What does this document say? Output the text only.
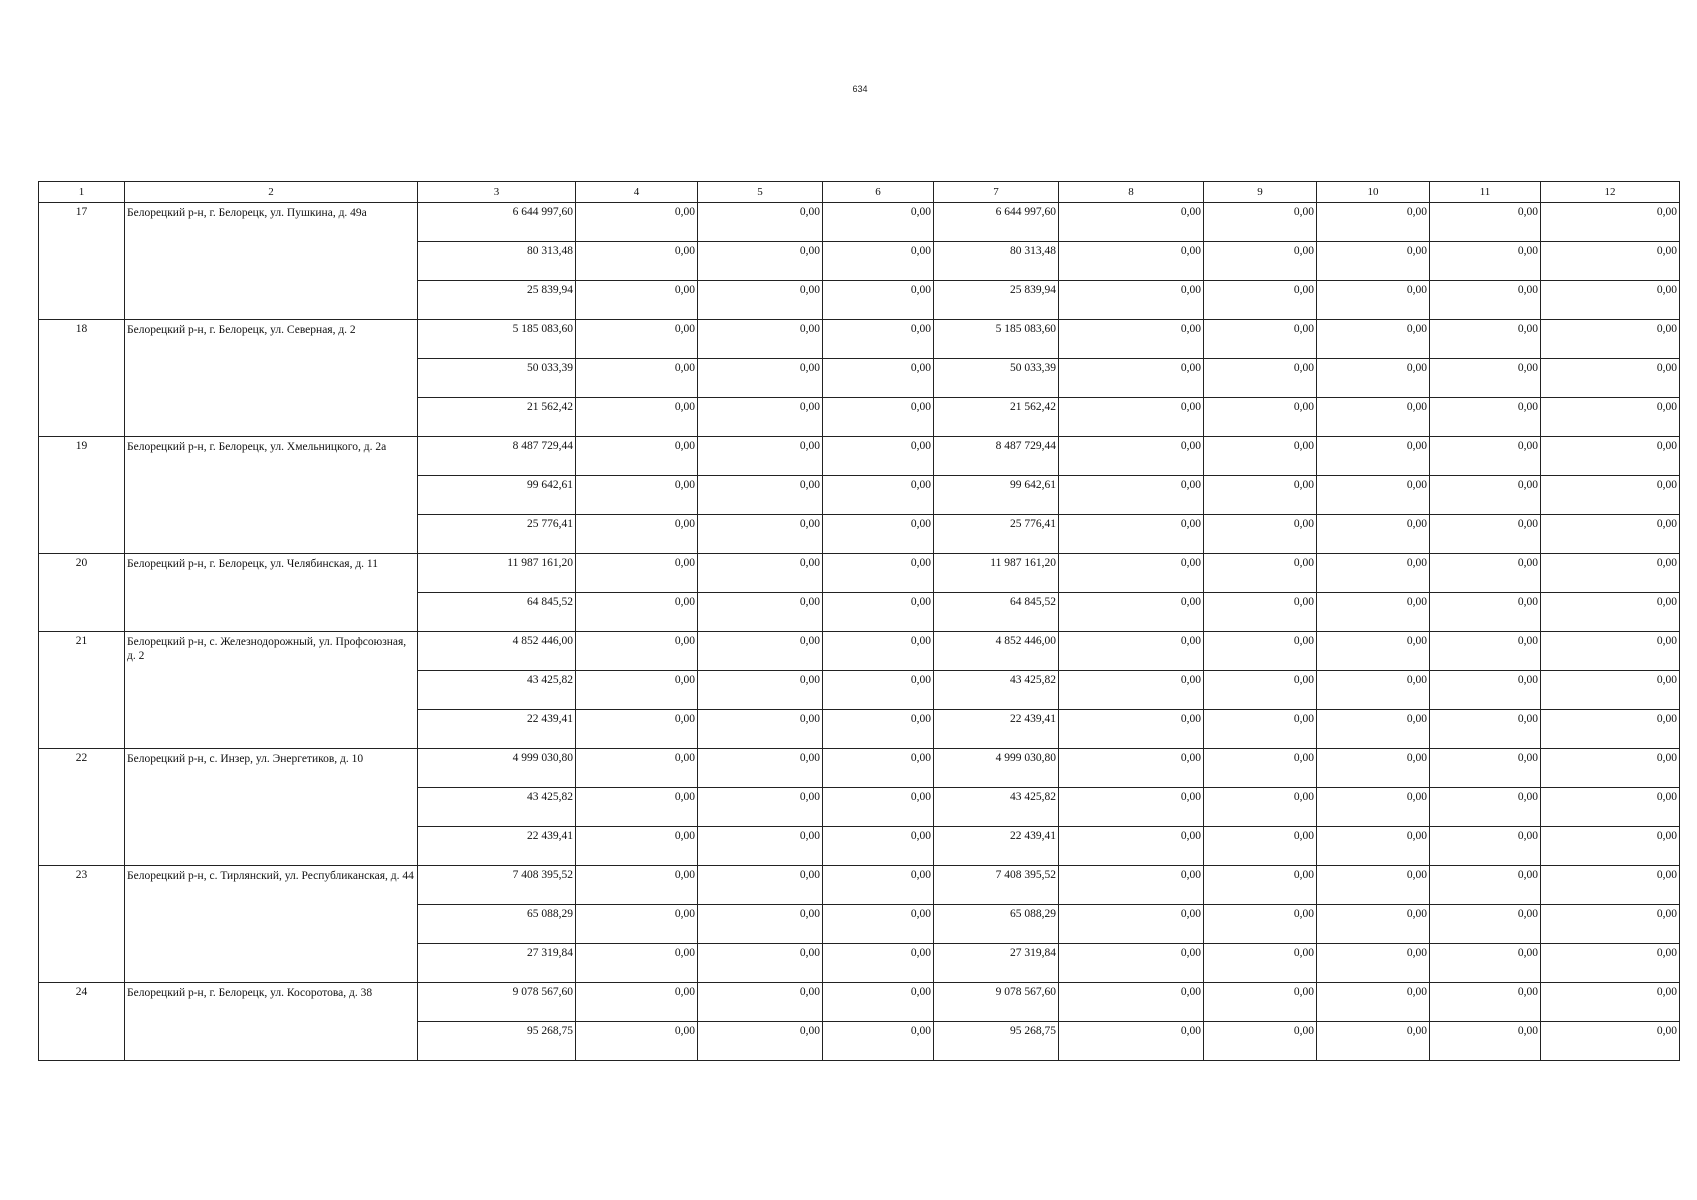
634
1	2	3	4	5	6	7	8	9	10	11	12
17	Белорецкий р-н, г. Белорецк, ул. Пушкина, д. 49а	6 644 997,60	0,00	0,00	0,00	6 644 997,60	0,00	0,00	0,00	0,00	0,00
		80 313,48	0,00	0,00	0,00	80 313,48	0,00	0,00	0,00	0,00	0,00
		25 839,94	0,00	0,00	0,00	25 839,94	0,00	0,00	0,00	0,00	0,00
18	Белорецкий р-н, г. Белорецк, ул. Северная, д. 2	5 185 083,60	0,00	0,00	0,00	5 185 083,60	0,00	0,00	0,00	0,00	0,00
		50 033,39	0,00	0,00	0,00	50 033,39	0,00	0,00	0,00	0,00	0,00
		21 562,42	0,00	0,00	0,00	21 562,42	0,00	0,00	0,00	0,00	0,00
19	Белорецкий р-н, г. Белорецк, ул. Хмельницкого, д. 2а	8 487 729,44	0,00	0,00	0,00	8 487 729,44	0,00	0,00	0,00	0,00	0,00
		99 642,61	0,00	0,00	0,00	99 642,61	0,00	0,00	0,00	0,00	0,00
		25 776,41	0,00	0,00	0,00	25 776,41	0,00	0,00	0,00	0,00	0,00
20	Белорецкий р-н, г. Белорецк, ул. Челябинская, д. 11	11 987 161,20	0,00	0,00	0,00	11 987 161,20	0,00	0,00	0,00	0,00	0,00
		64 845,52	0,00	0,00	0,00	64 845,52	0,00	0,00	0,00	0,00	0,00
21	Белорецкий р-н, с. Железнодорожный, ул. Профсоюзная, д. 2	4 852 446,00	0,00	0,00	0,00	4 852 446,00	0,00	0,00	0,00	0,00	0,00
		43 425,82	0,00	0,00	0,00	43 425,82	0,00	0,00	0,00	0,00	0,00
		22 439,41	0,00	0,00	0,00	22 439,41	0,00	0,00	0,00	0,00	0,00
22	Белорецкий р-н, с. Инзер, ул. Энергетиков, д. 10	4 999 030,80	0,00	0,00	0,00	4 999 030,80	0,00	0,00	0,00	0,00	0,00
		43 425,82	0,00	0,00	0,00	43 425,82	0,00	0,00	0,00	0,00	0,00
		22 439,41	0,00	0,00	0,00	22 439,41	0,00	0,00	0,00	0,00	0,00
23	Белорецкий р-н, с. Тирлянский, ул. Республиканская, д. 44	7 408 395,52	0,00	0,00	0,00	7 408 395,52	0,00	0,00	0,00	0,00	0,00
		65 088,29	0,00	0,00	0,00	65 088,29	0,00	0,00	0,00	0,00	0,00
		27 319,84	0,00	0,00	0,00	27 319,84	0,00	0,00	0,00	0,00	0,00
24	Белорецкий р-н, г. Белорецк, ул. Косоротова, д. 38	9 078 567,60	0,00	0,00	0,00	9 078 567,60	0,00	0,00	0,00	0,00	0,00
		95 268,75	0,00	0,00	0,00	95 268,75	0,00	0,00	0,00	0,00	0,00
